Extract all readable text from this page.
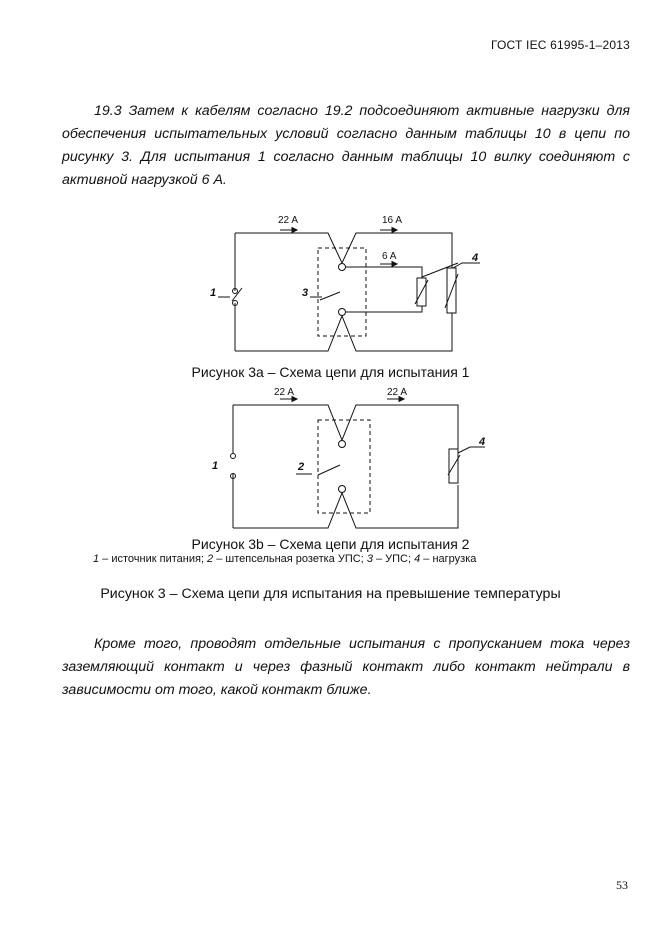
ГОСТ IEC 61995-1–2013
19.3 Затем к кабелям согласно 19.2 подсоединяют активные нагрузки для обеспечения испытательных условий согласно данным таблицы 10 в цепи по рисунку 3. Для испытания 1 согласно данным таблицы 10 вилку соединяют с активной нагрузкой 6 А.
22 A	16 A
6 A
1	3
4
Рисунок 3a – Схема цепи для испытания 1
22 A	22 A
1	2
4
Рисунок 3b – Схема цепи для испытания 2
1 – источник питания; 2 – штепсельная розетка УПС; 3 – УПС; 4 – нагрузка
Рисунок 3 – Схема цепи для испытания на превышение температуры
Кроме того, проводят отдельные испытания с пропусканием тока через заземляющий контакт и через фазный контакт либо контакт нейтрали в зависимости от того, какой контакт ближе.
53
